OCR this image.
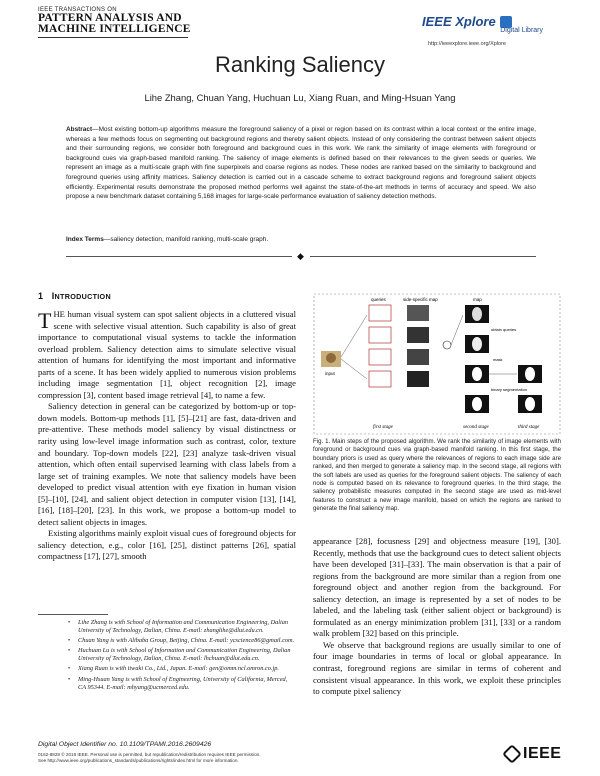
IEEE TRANSACTIONS ON
PATTERN ANALYSIS AND
MACHINE INTELLIGENCE	IEEE Xplore
Digital Library
http://ieeexplore.ieee.org/Xplore
Ranking Saliency
Lihe Zhang, Chuan Yang, Huchuan Lu, Xiang Ruan, and Ming-Hsuan Yang
Abstract—Most existing bottom-up algorithms measure the foreground saliency of a pixel or region based on its contrast within a local context or the entire image, whereas a few methods focus on segmenting out background regions and thereby salient objects. Instead of only considering the contrast between salient objects and their surrounding regions, we consider both foreground and background cues in this work. We rank the similarity of image elements with foreground or background cues via graph-based manifold ranking. The saliency of image elements is defined based on their relevances to the given seeds or queries. We represent an image as a multi-scale graph with fine superpixels and coarse regions as nodes. These nodes are ranked based on the similarity to background and foreground queries using affinity matrices. Saliency detection is carried out in a cascade scheme to extract background regions and foreground salient objects efficiently. Experimental results demonstrate the proposed method performs well against the state-of-the-art methods in terms of accuracy and speed. We also propose a new benchmark dataset containing 5,168 images for large-scale performance evaluation of saliency detection methods.
Index Terms—saliency detection, manifold ranking, multi-scale graph.
◆
1 INTRODUCTION

THE human visual system can spot salient objects in a cluttered visual scene with selective visual attention. Such capability is also of great importance to computational visual systems to tackle the information overload problem. Saliency detection aims to simulate selective visual attention of humans for identifying the most important and informative parts of a scene. It has been widely applied to numerous vision problems including image segmentation [1], object recognition [2], image compression [3], content based image retrieval [4], to name a few.

Saliency detection in general can be categorized by bottom-up or top-down models. Bottom-up methods [1], [5]–[21] are fast, data-driven and pre-attentive. These methods model saliency by visual distinctness or rarity using low-level image information such as contrast, color, texture and boundary. Top-down models [22], [23] analyze task-driven visual attention, which often entail supervised learning with class labels from a large set of training examples. We note that saliency models have been developed to predict visual attention with eye fixation in human vision [5]–[10], [24], and salient object detection in computer vision [13], [14], [16], [18]–[20], [23]. In this work, we propose a bottom-up model to detect salient objects in images.

Existing algorithms mainly exploit visual cues of foreground objects for saliency detection, e.g., color [16], [25], distinct patterns [26], spatial compactness [17], [27], smooth

• Lihe Zhang is with School of Information and Communication Engineering, Dalian University of Technology, Dalian, China. E-mail: zhanglihe@dlut.edu.cn.
• Chuan Yang is with Alibaba Group, Beijing, China. E-mail: ycscience86@gmail.com.
• Huchuan Lu is with School of Information and Communication Engineering, Dalian University of Technology, Dalian, China. E-mail: lhchuan@dlut.edu.cn.
• Xiang Ruan is with tiwaki Co., Ltd., Japan. E-mail: gen@omm.ncl.omron.co.jp.
• Ming-Hsuan Yang is with School of Engineering, University of California, Merced, CA 95344. E-mail: mhyang@ucmerced.edu.
queries	side-specific map	map
input
obtain queries
mask
binary segmentation
first stage	second stage	third stage
Fig. 1. Main steps of the proposed algorithm. We rank the similarity of image elements with foreground or background cues via graph-based manifold ranking. In this first stage, the boundary priors is used as query where the relevances of regions to each image side are ranked, and then merged to generate a saliency map. In the second stage, all regions with the soft labels are used as queries for the foreground salient objects. The saliency of each node is computed based on its relevance to foreground queries. In the third stage, the saliency probabilistic measures computed in the second stage are used as mid-level features to construct a new image manifold, based on which the regions are ranked to generate the final saliency map.

appearance [28], focusness [29] and objectness measure [19], [30]. Recently, methods that use the background cues to detect salient objects have been developed [31]–[33]. The main observation is that a pair of regions from the background are more similar than a region from one foreground object and another region from the background. For saliency detection, an image is represented by a set of nodes to be labeled, and the labeling task (either salient object or background) is formulated as an energy minimization problem [31], [33] or a random walk problem [32] based on this principle.

We observe that background regions are usually similar to one of four image boundaries in terms of local or global appearance. In contrast, foreground regions are similar in terms of coherent and consistent visual appearance. In this work, we exploit these principles to compute pixel saliency

Digital Object Identifier no. 10.1109/TPAMI.2016.2609426
0162-8828 © 2016 IEEE. Personal use is permitted, but republication/redistribution requires IEEE permission.
See http://www.ieee.org/publications_standards/publications/rights/index.html for more information.	IEEE
